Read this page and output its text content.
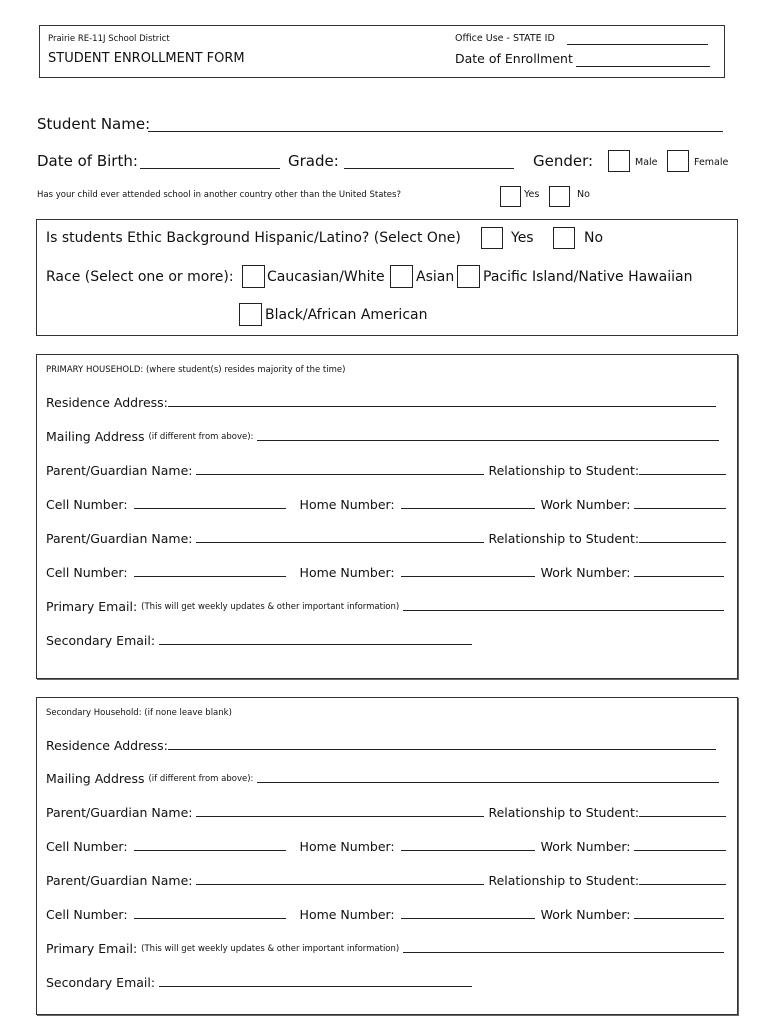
Prairie RE-11J School District
STUDENT ENROLLMENT FORM
Office Use - STATE ID
Date of Enrollment
Student Name:
Date of Birth:	Grade:	Gender:	Male	Female
Has your child ever attended school in another country other than the United States?	Yes	No
Is students Ethic Background Hispanic/Latino? (Select One)	Yes	No
Race (Select one or more): Caucasian/White Asian Pacific Island/Native Hawaiian
Black/African American
PRIMARY HOUSEHOLD: (where student(s) resides majority of the time)
Residence Address:
Mailing Address (if different from above):
Parent/Guardian Name:	Relationship to Student:
Cell Number:	Home Number:	Work Number:
Parent/Guardian Name:	Relationship to Student:
Cell Number:	Home Number:	Work Number:
Primary Email: (This will get weekly updates & other important information)
Secondary Email:
Secondary Household: (if none leave blank)
Residence Address:
Mailing Address (if different from above):
Parent/Guardian Name:	Relationship to Student:
Cell Number:	Home Number:	Work Number:
Parent/Guardian Name:	Relationship to Student:
Cell Number:	Home Number:	Work Number:
Primary Email: (This will get weekly updates & other important information)
Secondary Email:
